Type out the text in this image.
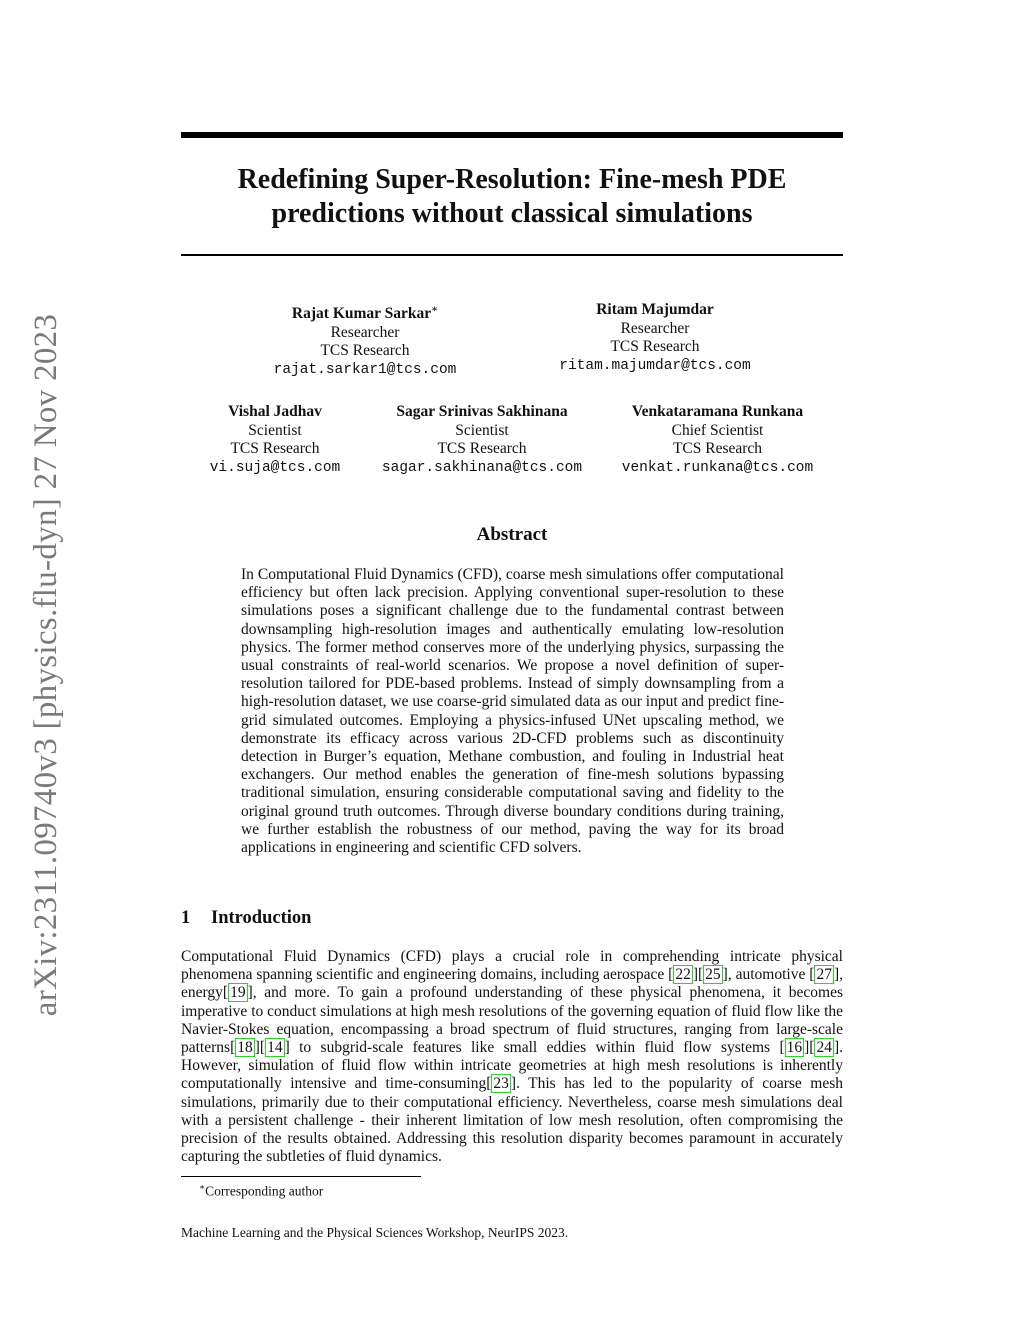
arXiv:2311.09740v3 [physics.flu-dyn] 27 Nov 2023
Redefining Super-Resolution: Fine-mesh PDE
predictions without classical simulations
Rajat Kumar Sarkar∗
Researcher
TCS Research
rajat.sarkar1@tcs.com
Ritam Majumdar
Researcher
TCS Research
ritam.majumdar@tcs.com
Vishal Jadhav
Scientist
TCS Research
vi.suja@tcs.com
Sagar Srinivas Sakhinana
Scientist
TCS Research
sagar.sakhinana@tcs.com
Venkataramana Runkana
Chief Scientist
TCS Research
venkat.runkana@tcs.com
Abstract

In Computational Fluid Dynamics (CFD), coarse mesh simulations offer computational efficiency but often lack precision. Applying conventional super-resolution to these simulations poses a significant challenge due to the fundamental contrast between downsampling high-resolution images and authentically emulating low-resolution physics. The former method conserves more of the underlying physics, surpassing the usual constraints of real-world scenarios. We propose a novel definition of super-resolution tailored for PDE-based problems. Instead of simply downsampling from a high-resolution dataset, we use coarse-grid simulated data as our input and predict fine-grid simulated outcomes. Employing a physics-infused UNet upscaling method, we demonstrate its efficacy across various 2D-CFD problems such as discontinuity detection in Burger’s equation, Methane combustion, and fouling in Industrial heat exchangers. Our method enables the generation of fine-mesh solutions bypassing traditional simulation, ensuring considerable computational saving and fidelity to the original ground truth outcomes. Through diverse boundary conditions during training, we further establish the robustness of our method, paving the way for its broad applications in engineering and scientific CFD solvers.

1 Introduction

Computational Fluid Dynamics (CFD) plays a crucial role in comprehending intricate physical phenomena spanning scientific and engineering domains, including aerospace [ 22 ][ 25 ], automotive [ 27 ], energy[ 19 ], and more. To gain a profound understanding of these physical phenomena, it becomes imperative to conduct simulations at high mesh resolutions of the governing equation of fluid flow like the Navier-Stokes equation, encompassing a broad spectrum of fluid structures, ranging from large-scale patterns[ 18 ][ 14 ] to subgrid-scale features like small eddies within fluid flow systems [ 16 ][ 24 ]. However, simulation of fluid flow within intricate geometries at high mesh resolutions is inherently computationally intensive and time-consuming[ 23 ]. This has led to the popularity of coarse mesh simulations, primarily due to their computational efficiency. Nevertheless, coarse mesh simulations deal with a persistent challenge - their inherent limitation of low mesh resolution, often compromising the precision of the results obtained. Addressing this resolution disparity becomes paramount in accurately capturing the subtleties of fluid dynamics.

∗Corresponding author
Machine Learning and the Physical Sciences Workshop, NeurIPS 2023.
